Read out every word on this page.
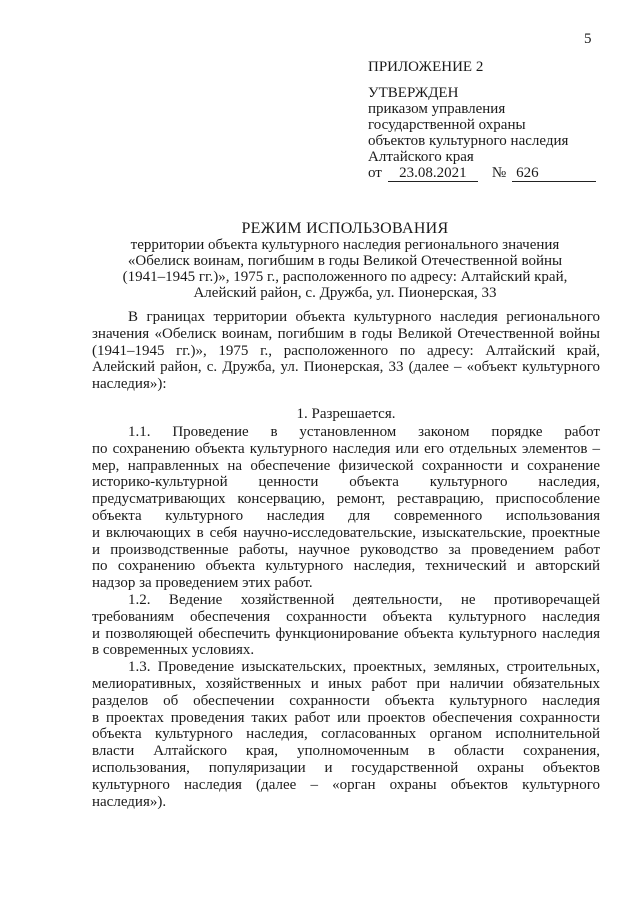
5
ПРИЛОЖЕНИЕ 2
УТВЕРЖДЕН
приказом управления
государственной охраны
объектов культурного наследия
Алтайского края
от	23.08.2021	№ 626
РЕЖИМ ИСПОЛЬЗОВАНИЯ
территории объекта культурного наследия регионального значения
«Обелиск воинам, погибшим в годы Великой Отечественной войны
(1941–1945 гг.)», 1975 г., расположенного по адресу: Алтайский край,
Алейский район, с. Дружба, ул. Пионерская, 33
В границах территории объекта культурного наследия регионального
значения «Обелиск воинам, погибшим в годы Великой Отечественной войны
(1941–1945 гг.)», 1975 г., расположенного по адресу: Алтайский край,
Алейский район, с. Дружба, ул. Пионерская, 33 (далее – «объект культурного
наследия»):
1. Разрешается.
1.1. Проведение в установленном законом порядке работ
по сохранению объекта культурного наследия или его отдельных элементов –
мер, направленных на обеспечение физической сохранности и сохранение
историко-культурной ценности объекта культурного наследия,
предусматривающих консервацию, ремонт, реставрацию, приспособление
объекта культурного наследия для современного использования
и включающих в себя научно-исследовательские, изыскательские, проектные
и производственные работы, научное руководство за проведением работ
по сохранению объекта культурного наследия, технический и авторский
надзор за проведением этих работ.
1.2. Ведение хозяйственной деятельности, не противоречащей
требованиям обеспечения сохранности объекта культурного наследия
и позволяющей обеспечить функционирование объекта культурного наследия
в современных условиях.
1.3. Проведение изыскательских, проектных, земляных, строительных,
мелиоративных, хозяйственных и иных работ при наличии обязательных
разделов об обеспечении сохранности объекта культурного наследия
в проектах проведения таких работ или проектов обеспечения сохранности
объекта культурного наследия, согласованных органом исполнительной
власти Алтайского края, уполномоченным в области сохранения,
использования, популяризации и государственной охраны объектов
культурного наследия (далее – «орган охраны объектов культурного
наследия»).
